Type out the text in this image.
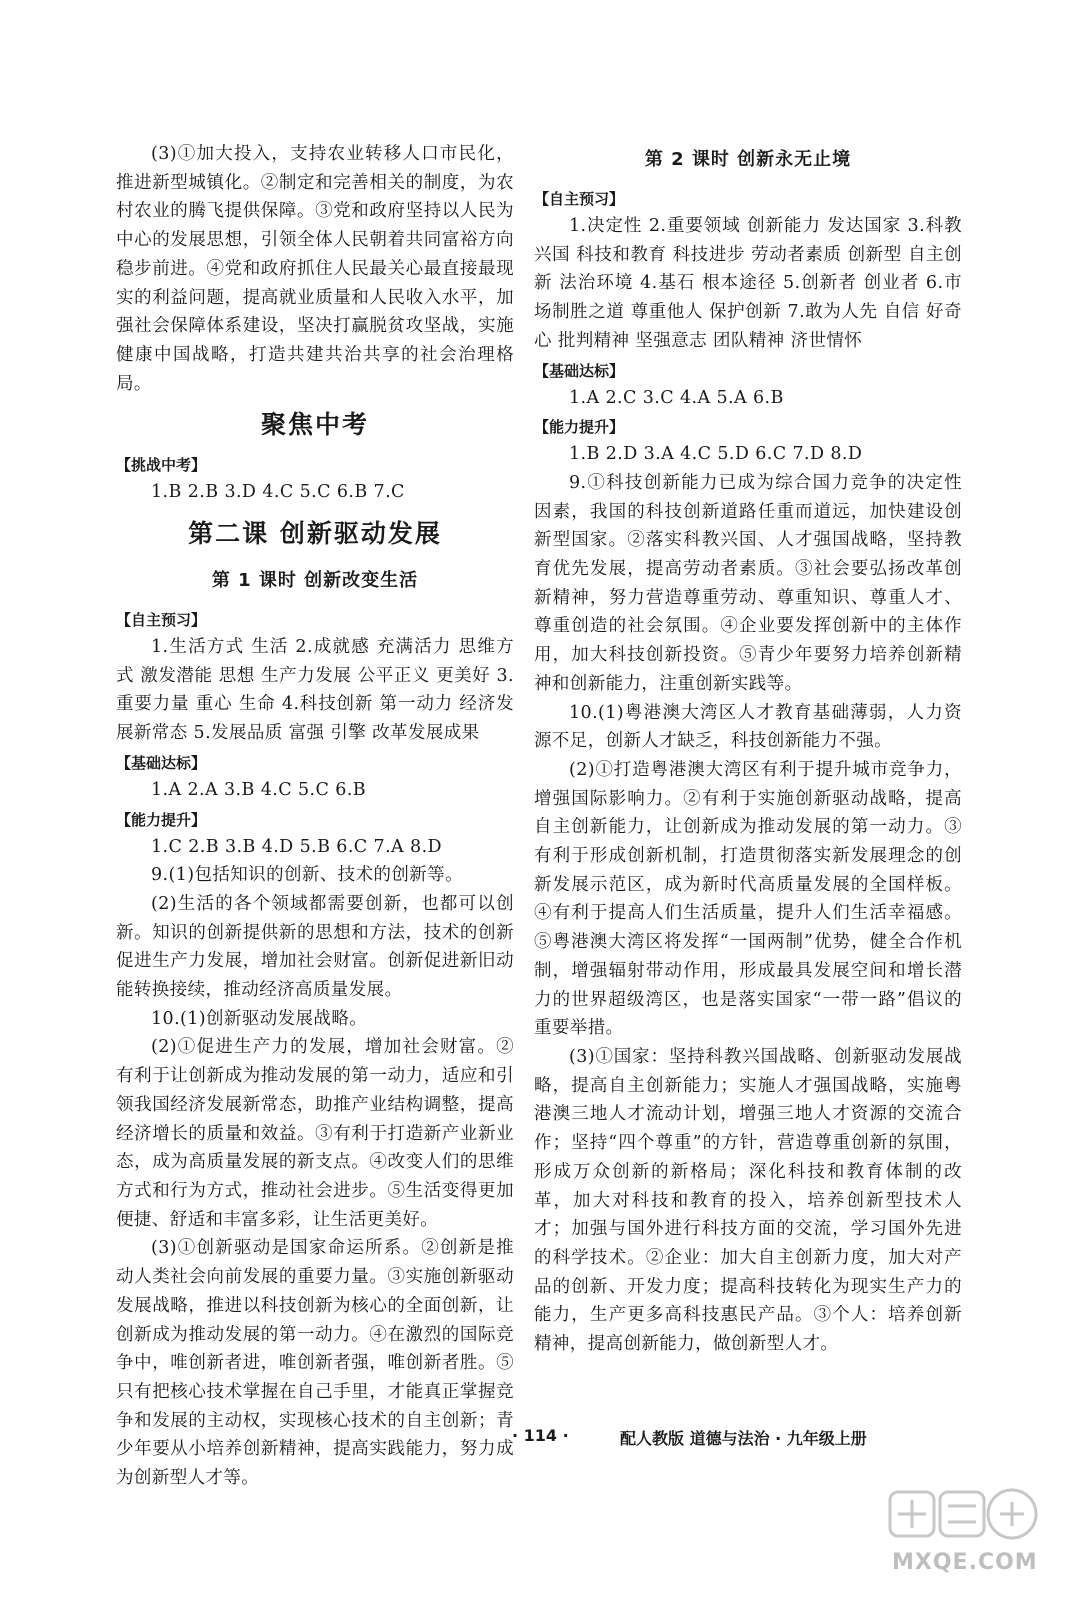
(3)①加大投入，支持农业转移人口市民化，推进新型城镇化。②制定和完善相关的制度，为农村农业的腾飞提供保障。③党和政府坚持以人民为中心的发展思想，引领全体人民朝着共同富裕方向稳步前进。④党和政府抓住人民最关心最直接最现实的利益问题，提高就业质量和人民收入水平，加强社会保障体系建设，坚决打赢脱贫攻坚战，实施健康中国战略，打造共建共治共享的社会治理格局。

聚焦中考
【挑战中考】

1.B 2.B 3.D 4.C 5.C 6.B 7.C

第二课 创新驱动发展
第 1 课时 创新改变生活
【自主预习】

1.生活方式 生活 2.成就感 充满活力 思维方式 激发潜能 思想 生产力发展 公平正义 更美好 3.重要力量 重心 生命 4.科技创新 第一动力 经济发展新常态 5.发展品质 富强 引擎 改革发展成果

【基础达标】

1.A 2.A 3.B 4.C 5.C 6.B

【能力提升】

1.C 2.B 3.B 4.D 5.B 6.C 7.A 8.D

9.(1)包括知识的创新、技术的创新等。

(2)生活的各个领域都需要创新，也都可以创新。知识的创新提供新的思想和方法，技术的创新促进生产力发展，增加社会财富。创新促进新旧动能转换接续，推动经济高质量发展。

10.(1)创新驱动发展战略。

(2)①促进生产力的发展，增加社会财富。②有利于让创新成为推动发展的第一动力，适应和引领我国经济发展新常态，助推产业结构调整，提高经济增长的质量和效益。③有利于打造新产业新业态，成为高质量发展的新支点。④改变人们的思维方式和行为方式，推动社会进步。⑤生活变得更加便捷、舒适和丰富多彩，让生活更美好。

(3)①创新驱动是国家命运所系。②创新是推动人类社会向前发展的重要力量。③实施创新驱动发展战略，推进以科技创新为核心的全面创新，让创新成为推动发展的第一动力。④在激烈的国际竞争中，唯创新者进，唯创新者强，唯创新者胜。⑤只有把核心技术掌握在自己手里，才能真正掌握竞争和发展的主动权，实现核心技术的自主创新；青少年要从小培养创新精神，提高实践能力，努力成为创新型人才等。

第 2 课时 创新永无止境
【自主预习】

1.决定性 2.重要领域 创新能力 发达国家 3.科教兴国 科技和教育 科技进步 劳动者素质 创新型 自主创新 法治环境 4.基石 根本途径 5.创新者 创业者 6.市场制胜之道 尊重他人 保护创新 7.敢为人先 自信 好奇心 批判精神 坚强意志 团队精神 济世情怀

【基础达标】

1.A 2.C 3.C 4.A 5.A 6.B

【能力提升】

1.B 2.D 3.A 4.C 5.D 6.C 7.D 8.D

9.①科技创新能力已成为综合国力竞争的决定性因素，我国的科技创新道路任重而道远，加快建设创新型国家。②落实科教兴国、人才强国战略，坚持教育优先发展，提高劳动者素质。③社会要弘扬改革创新精神，努力营造尊重劳动、尊重知识、尊重人才、尊重创造的社会氛围。④企业要发挥创新中的主体作用，加大科技创新投资。⑤青少年要努力培养创新精神和创新能力，注重创新实践等。

10.(1)粤港澳大湾区人才教育基础薄弱，人力资源不足，创新人才缺乏，科技创新能力不强。

(2)①打造粤港澳大湾区有利于提升城市竞争力，增强国际影响力。②有利于实施创新驱动战略，提高自主创新能力，让创新成为推动发展的第一动力。③有利于形成创新机制，打造贯彻落实新发展理念的创新发展示范区，成为新时代高质量发展的全国样板。④有利于提高人们生活质量，提升人们生活幸福感。⑤粤港澳大湾区将发挥“一国两制”优势，健全合作机制，增强辐射带动作用，形成最具发展空间和增长潜力的世界超级湾区，也是落实国家“一带一路”倡议的重要举措。

(3)①国家：坚持科教兴国战略、创新驱动发展战略，提高自主创新能力；实施人才强国战略，实施粤港澳三地人才流动计划，增强三地人才资源的交流合作；坚持“四个尊重”的方针，营造尊重创新的氛围，形成万众创新的新格局；深化科技和教育体制的改革，加大对科技和教育的投入，培养创新型技术人才；加强与国外进行科技方面的交流，学习国外先进的科学技术。②企业：加大自主创新力度，加大对产品的创新、开发力度；提高科技转化为现实生产力的能力，生产更多高科技惠民产品。③个人：培养创新精神，提高创新能力，做创新型人才。

· 114 ·	配人教版 道德与法治 · 九年级上册
MXQE.COM
